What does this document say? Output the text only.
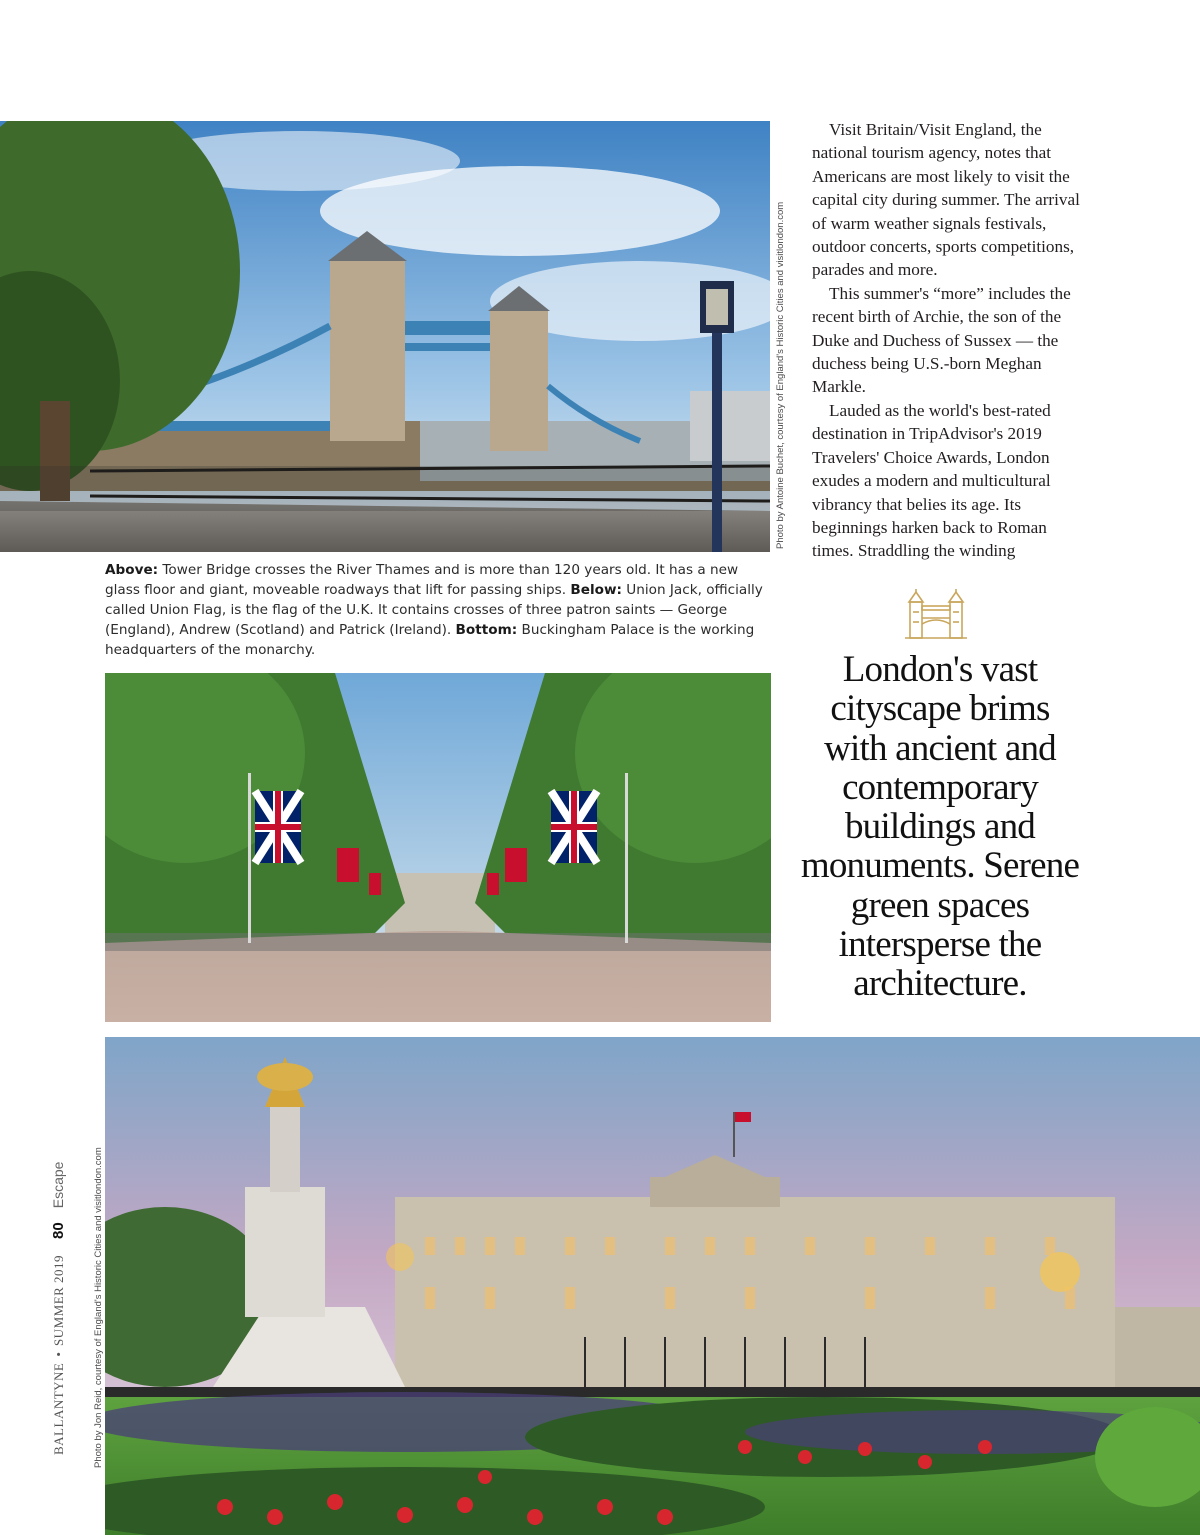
Photo by Antoine Buchet, courtesy of England's Historic Cities and visitlondon.com
Above: Tower Bridge crosses the River Thames and is more than 120 years old. It has a new glass floor and giant, moveable roadways that lift for passing ships. Below: Union Jack, officially called Union Flag, is the flag of the U.K. It contains crosses of three patron saints — George (England), Andrew (Scotland) and Patrick (Ireland). Bottom: Buckingham Palace is the working headquarters of the monarchy.
Photo by Jon Reid, courtesy of England's Historic Cities and visitlondon.com

Visit Britain/Visit England, the national tourism agency, notes that Americans are most likely to visit the capital city during summer. The arrival of warm weather signals festivals, outdoor concerts, sports competitions, parades and more.

This summer's “more” includes the recent birth of Archie, the son of the Duke and Duchess of Sussex — the duchess being U.S.-born Meghan Markle.

Lauded as the world's best-rated destination in TripAdvisor's 2019 Travelers' Choice Awards, London exudes a modern and multicultural vibrancy that belies its age. Its beginnings harken back to Roman times. Straddling the winding

London's vast cityscape brims with ancient and contemporary buildings and monuments. Serene green spaces intersperse the architecture.
BALLANTYNE•SUMMER 201980Escape
